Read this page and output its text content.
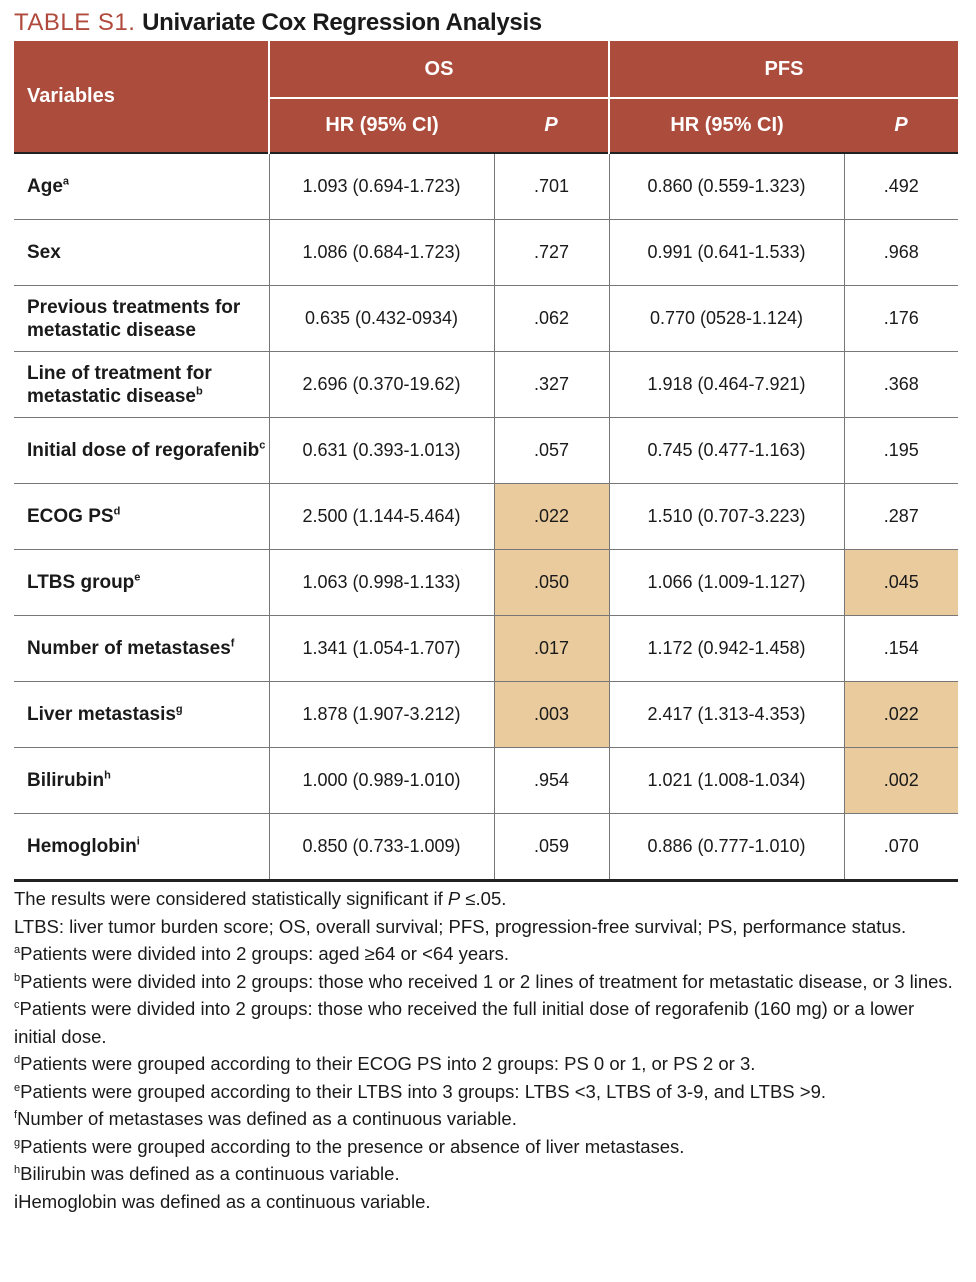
TABLE S1. Univariate Cox Regression Analysis
Variables	OS		PFS	
	HR (95% CI)	P	HR (95% CI)	P
Age$^a$	1.093 (0.694-1.723)	.701	0.860 (0.559-1.323)	.492
Sex	1.086 (0.684-1.723)	.727	0.991 (0.641-1.533)	.968
Previous treatments for metastatic disease	0.635 (0.432-0934)	.062	0.770 (0528-1.124)	.176
Line of treatment for metastatic disease$^b$	2.696 (0.370-19.62)	.327	1.918 (0.464-7.921)	.368
Initial dose of regorafenib$^c$	0.631 (0.393-1.013)	.057	0.745 (0.477-1.163)	.195
ECOG $PS^d$	2.500 (1.144-5.464)	.022	1.510 (0.707-3.223)	.287
LTBS group$^e$	1.063 (0.998-1.133)	.050	1.066 (1.009-1.127)	.045
Number of metastases$^f$	1.341 (1.054-1.707)	.017	1.172 (0.942-1.458)	.154
Liver metastasis$^g$	1.878 (1.907-3.212)	.003	2.417 (1.313-4.353)	.022
Bilirubin$^h$	1.000 (0.989-1.010)	.954	1.021 (1.008-1.034)	.002
Hemoglobin$^i$	0.850 (0.733-1.009)	.059	0.886 (0.777-1.010)	.070

The results were considered statistically significant if P ≤.05.

LTBS: liver tumor burden score; OS, overall survival; PFS, progression-free survival; PS, performance status.

$^a$Patients were divided into 2 groups: aged ≥64 or <64 years.

$^b$Patients were divided into 2 groups: those who received 1 or 2 lines of treatment for metastatic disease, or 3 lines.

$^c$Patients were divided into 2 groups: those who received the full initial dose of regorafenib (160 mg) or a lower initial dose.

$^d$Patients were grouped according to their ECOG PS into 2 groups: PS 0 or 1, or PS 2 or 3.

$^e$Patients were grouped according to their LTBS into 3 groups: LTBS <3, LTBS of 3-9, and LTBS >9.

$^f$Number of metastases was defined as a continuous variable.

$^g$Patients were grouped according to the presence or absence of liver metastases.

$^h$Bilirubin was defined as a continuous variable.

iHemoglobin was defined as a continuous variable.
